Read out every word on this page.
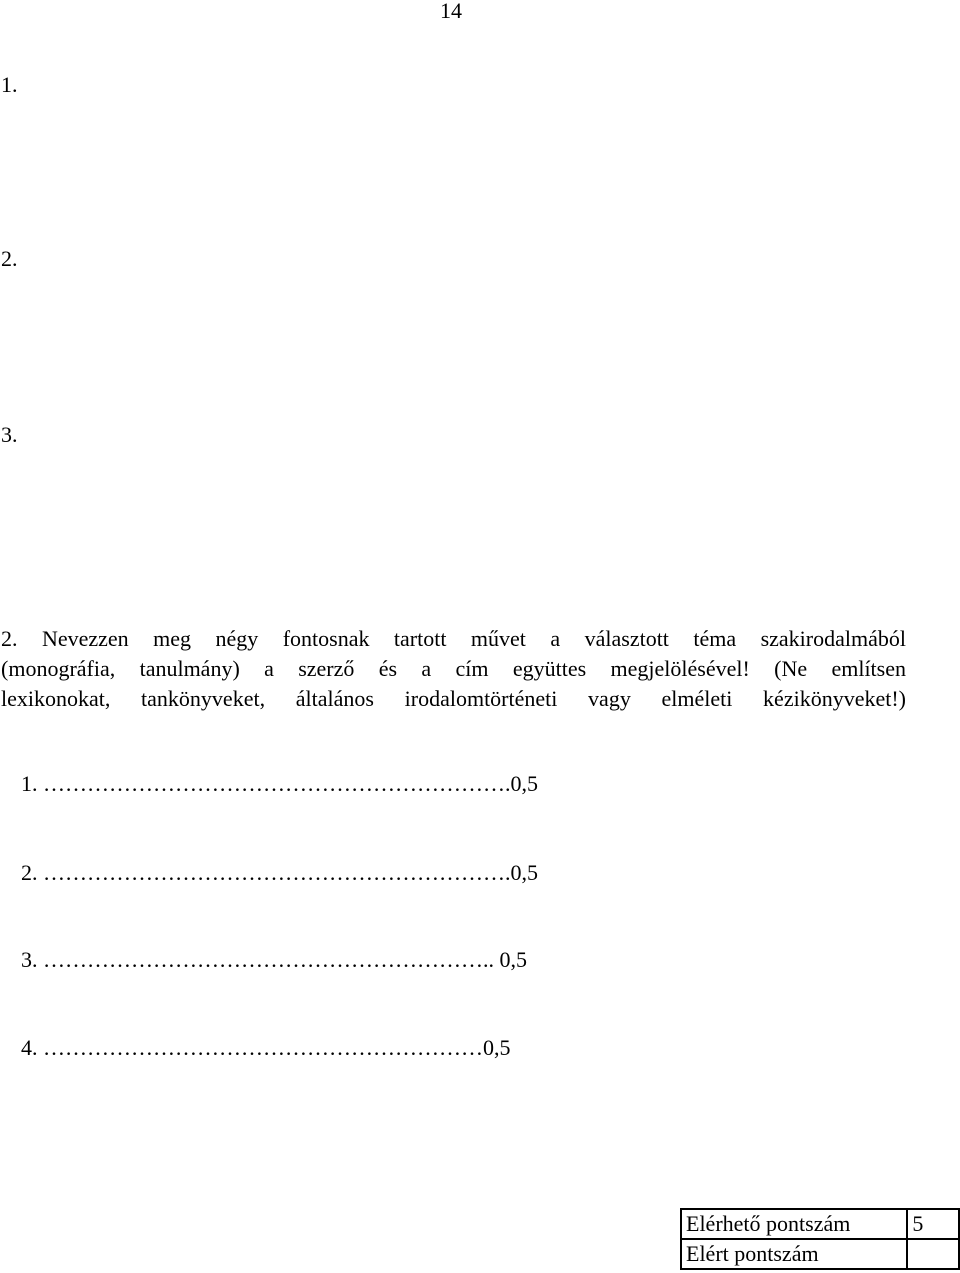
14
1.
2.
3.
2. Nevezzen meg négy fontosnak tartott művet a választott téma szakirodalmából
(monográfia, tanulmány) a szerző és a cím együttes megjelölésével! (Ne említsen
lexikonokat, tankönyveket, általános irodalomtörténeti vagy elméleti kézikönyveket!)
1. ……………………………………………………….0,5
2. ……………………………………………………….0,5
3. …………………………………………………….. 0,5
4. ……………………………………………………0,5
Elérhető pontszám	5
Elért pontszám	
